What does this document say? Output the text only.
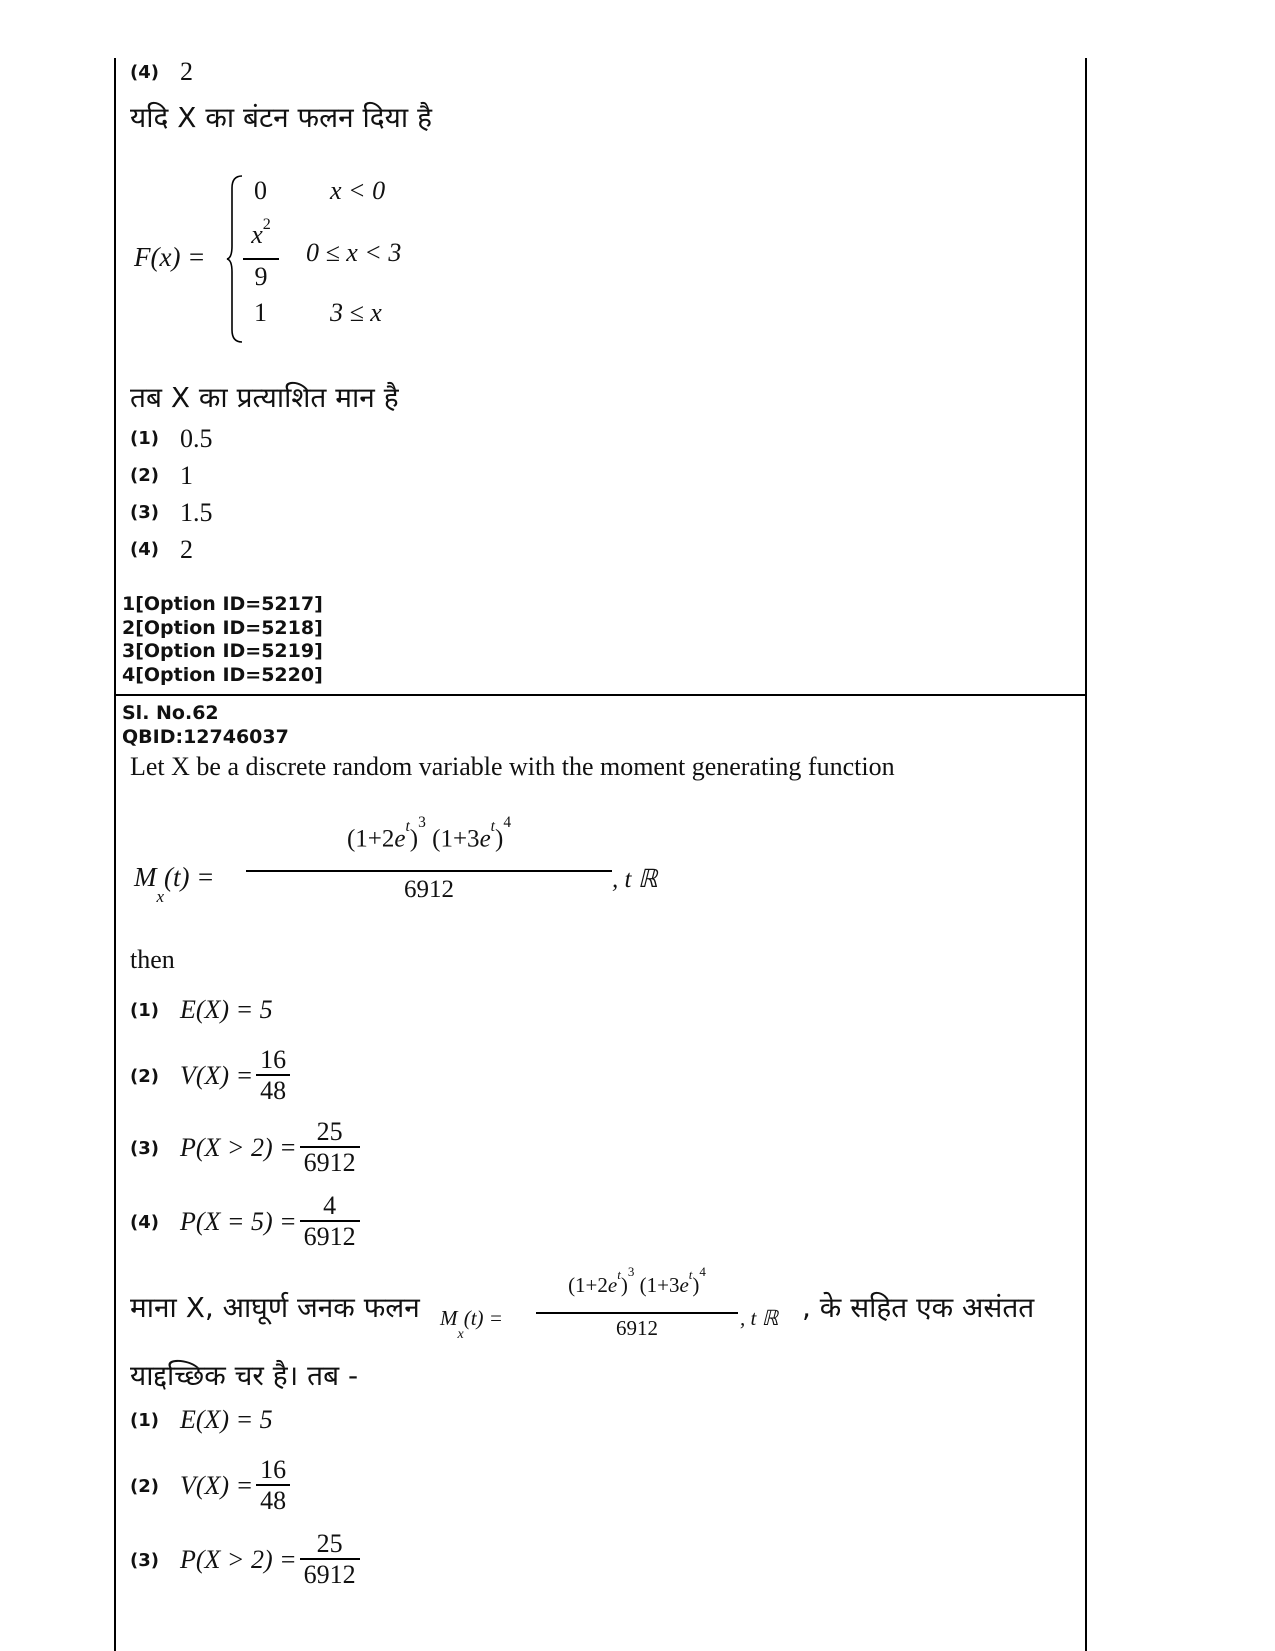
(4) 2
यदि X का बंटन फलन दिया है
F(x) =
0 x < 0
$x^2$
9
0 ≤ x < 3
1 3 ≤ x
तब X का प्रत्याशित मान है
(1) 0.5
(2) 1
(3) 1.5
(4) 2
1[Option ID=5217]
2[Option ID=5218]
3[Option ID=5219]
4[Option ID=5220]
Sl. No.62
QBID:12746037
Let X be a discrete random variable with the moment generating function
$M_x(t)$ =
$(1+2e^t)^3$ $(1+3e^t)^4$
6912	, t ℝ
then
(1) E(X) = 5
(2) $V(X) = \frac{16}{48}$
(3) $P(X > 2) = \frac{25}{6912}$
(4) $P(X = 5) = \frac{4}{6912}$
माना X, आघूर्ण जनक फलन $M_x(t)$ =
$(1+2e^t)^3$ $(1+3e^t)^4$
6912	, t ℝ , के सहित एक असंतत
याद्दच्छिक चर है। तब -
(1) E(X) = 5
(2) $V(X) = \frac{16}{48}$
(3) $P(X > 2) = \frac{25}{6912}$
